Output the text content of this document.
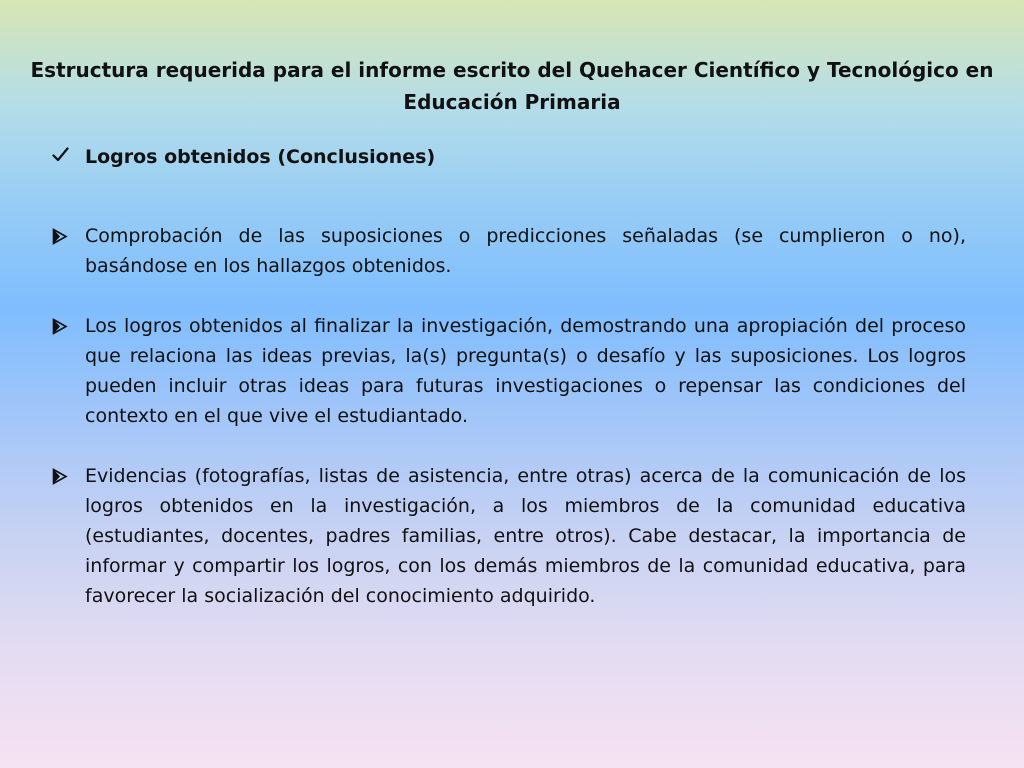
Estructura requerida para el informe escrito del Quehacer Científico y Tecnológico en Educación Primaria
Logros obtenidos (Conclusiones)
Comprobación de las suposiciones o predicciones señaladas (se cumplieron o no), basándose en los hallazgos obtenidos.
Los logros obtenidos al finalizar la investigación, demostrando una apropiación del proceso que relaciona las ideas previas, la(s) pregunta(s) o desafío y las suposiciones. Los logros pueden incluir otras ideas para futuras investigaciones o repensar las condiciones del contexto en el que vive el estudiantado.
Evidencias (fotografías, listas de asistencia, entre otras) acerca de la comunicación de los logros obtenidos en la investigación, a los miembros de la comunidad educativa (estudiantes, docentes, padres familias, entre otros). Cabe destacar, la importancia de informar y compartir los logros, con los demás miembros de la comunidad educativa, para favorecer la socialización del conocimiento adquirido.
